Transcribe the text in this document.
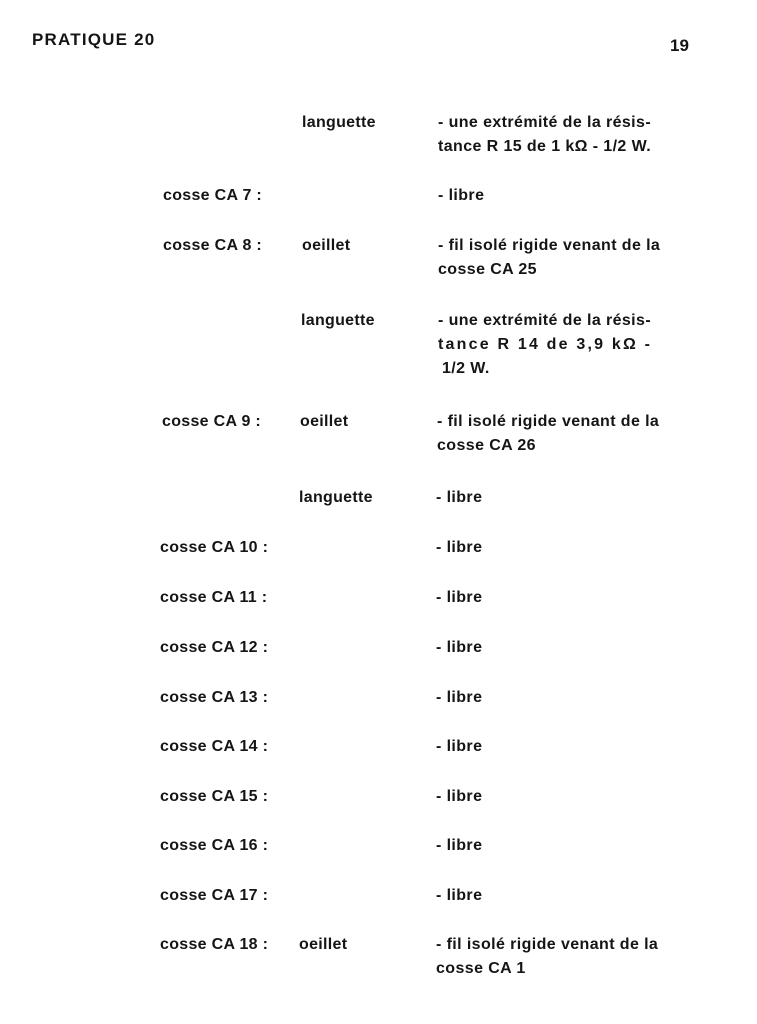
PRATIQUE 20	19
languette	- une extrémité de la résis-
tance R 15 de 1 kΩ - 1/2 W.
cosse CA 7 :	- libre
cosse CA 8 : oeillet	- fil isolé rigide venant de la
cosse CA 25
languette	- une extrémité de la résis-
tance R 14 de 3,9 kΩ -
1/2 W.
cosse CA 9 : oeillet	- fil isolé rigide venant de la
cosse CA 26
languette	- libre
cosse CA 10 :	- libre
cosse CA 11 :	- libre
cosse CA 12 :	- libre
cosse CA 13 :	- libre
cosse CA 14 :	- libre
cosse CA 15 :	- libre
cosse CA 16 :	- libre
cosse CA 17 :	- libre
cosse CA 18 : oeillet	- fil isolé rigide venant de la
cosse CA 1
